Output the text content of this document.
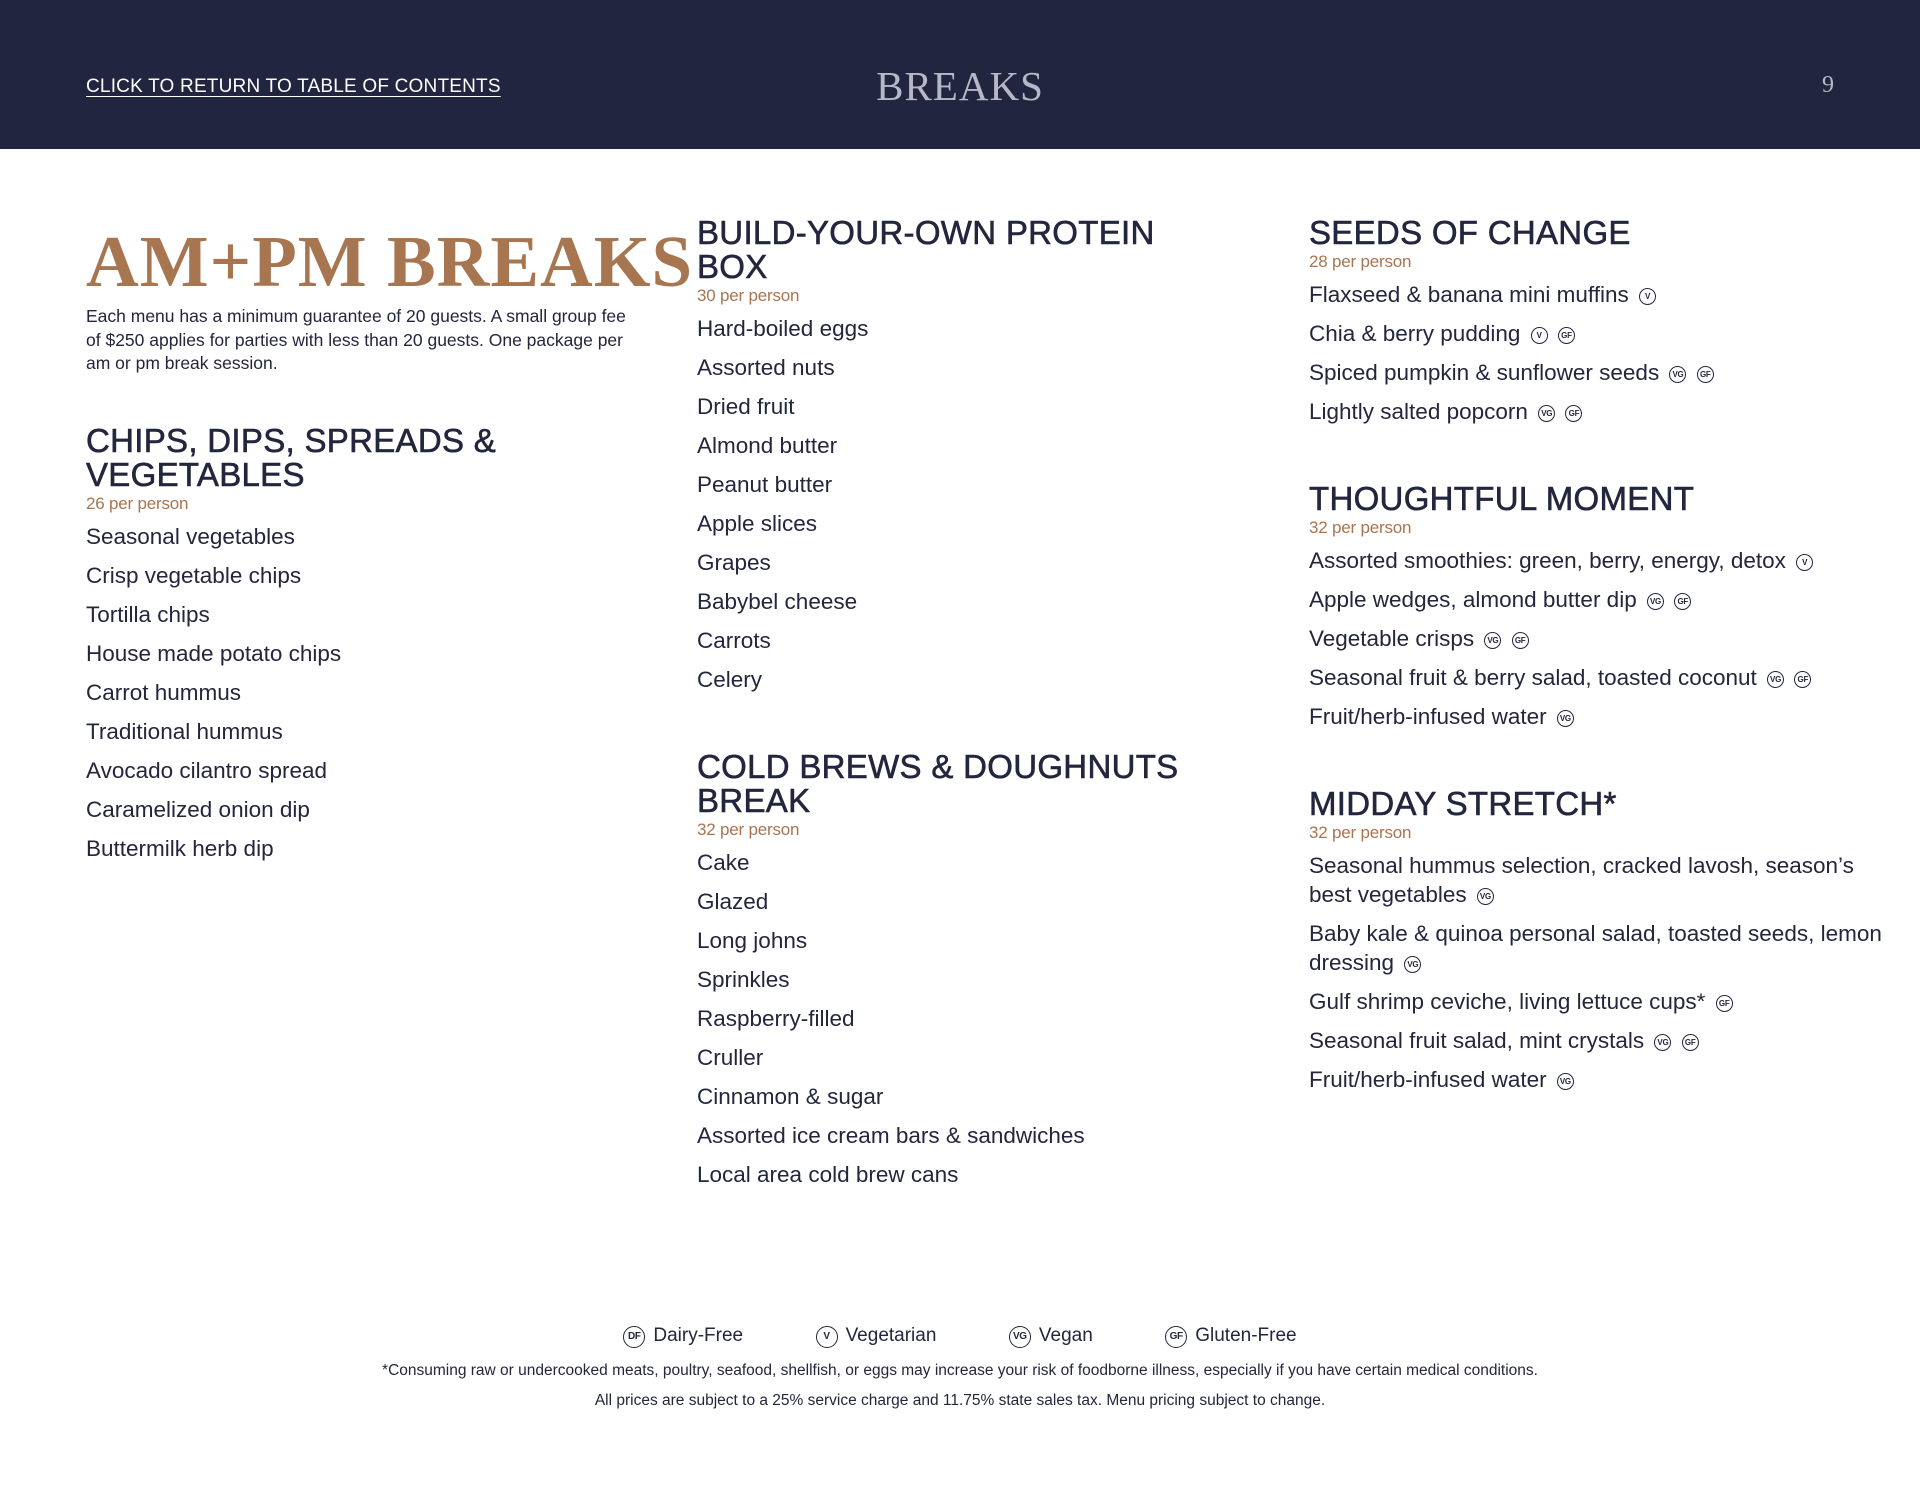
CLICK TO RETURN TO TABLE OF CONTENTS	BREAKS	9
AM+PM BREAKS

Each menu has a minimum guarantee of 20 guests. A small group fee of $250 applies for parties with less than 20 guests. One package per am or pm break session.

CHIPS, DIPS, SPREADS & VEGETABLES
26 per person
Seasonal vegetables
Crisp vegetable chips
Tortilla chips
House made potato chips
Carrot hummus
Traditional hummus
Avocado cilantro spread
Caramelized onion dip
Buttermilk herb dip
BUILD-YOUR-OWN PROTEIN BOX
30 per person
Hard-boiled eggs
Assorted nuts
Dried fruit
Almond butter
Peanut butter
Apple slices
Grapes
Babybel cheese
Carrots
Celery
COLD BREWS & DOUGHNUTS BREAK
32 per person
Cake
Glazed
Long johns
Sprinkles
Raspberry-filled
Cruller
Cinnamon & sugar
Assorted ice cream bars & sandwiches
Local area cold brew cans
SEEDS OF CHANGE
28 per person
Flaxseed & banana mini muffins V
Chia & berry pudding V GF
Spiced pumpkin & sunflower seeds VG GF
Lightly salted popcorn VG GF
THOUGHTFUL MOMENT
32 per person
Assorted smoothies: green, berry, energy, detox V
Apple wedges, almond butter dip VG GF
Vegetable crisps VG GF
Seasonal fruit & berry salad, toasted coconut VG GF
Fruit/herb-infused water VG
MIDDAY STRETCH*
32 per person
Seasonal hummus selection, cracked lavosh, season’s best vegetables VG
Baby kale & quinoa personal salad, toasted seeds, lemon dressing VG
Gulf shrimp ceviche, living lettuce cups* GF
Seasonal fruit salad, mint crystals VG GF
Fruit/herb-infused water VG
DF Dairy-Free	V Vegetarian	VG Vegan	GF Gluten-Free

*Consuming raw or undercooked meats, poultry, seafood, shellfish, or eggs may increase your risk of foodborne illness, especially if you have certain medical conditions.

All prices are subject to a 25% service charge and 11.75% state sales tax. Menu pricing subject to change.
